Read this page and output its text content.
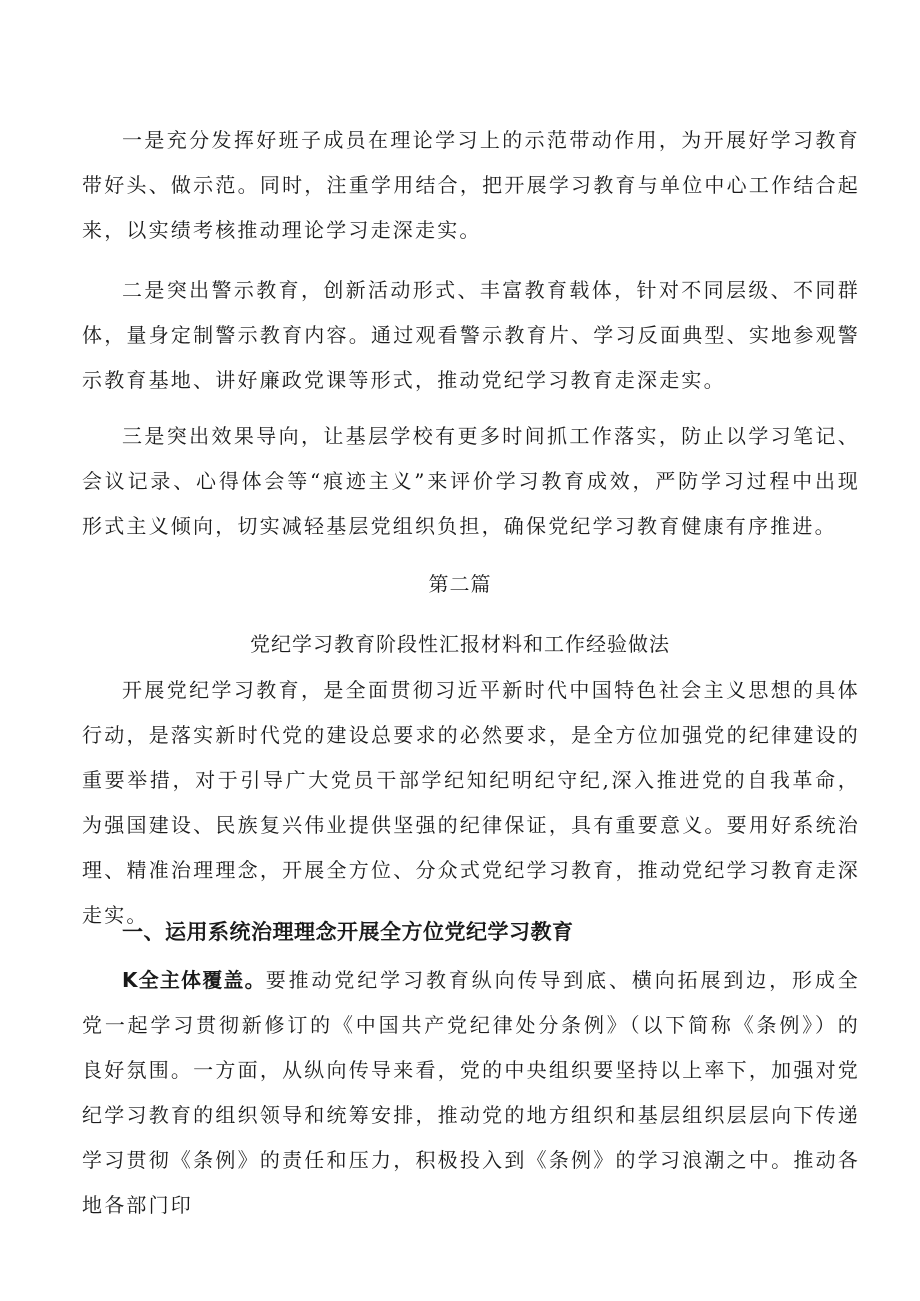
一是充分发挥好班子成员在理论学习上的示范带动作用，为开展好学习教育带好头、做示范。同时，注重学用结合，把开展学习教育与单位中心工作结合起来，以实绩考核推动理论学习走深走实。

二是突出警示教育，创新活动形式、丰富教育载体，针对不同层级、不同群体，量身定制警示教育内容。通过观看警示教育片、学习反面典型、实地参观警示教育基地、讲好廉政党课等形式，推动党纪学习教育走深走实。

三是突出效果导向，让基层学校有更多时间抓工作落实，防止以学习笔记、会议记录、心得体会等“痕迹主义”来评价学习教育成效，严防学习过程中出现形式主义倾向，切实减轻基层党组织负担，确保党纪学习教育健康有序推进。

第二篇

党纪学习教育阶段性汇报材料和工作经验做法

开展党纪学习教育，是全面贯彻习近平新时代中国特色社会主义思想的具体行动，是落实新时代党的建设总要求的必然要求，是全方位加强党的纪律建设的重要举措，对于引导广大党员干部学纪知纪明纪守纪,深入推进党的自我革命，为强国建设、民族复兴伟业提供坚强的纪律保证，具有重要意义。要用好系统治理、精准治理理念，开展全方位、分众式党纪学习教育，推动党纪学习教育走深走实。

一、运用系统治理理念开展全方位党纪学习教育

K全主体覆盖。要推动党纪学习教育纵向传导到底、横向拓展到边，形成全党一起学习贯彻新修订的《中国共产党纪律处分条例》（以下简称《条例》）的良好氛围。一方面，从纵向传导来看，党的中央组织要坚持以上率下，加强对党纪学习教育的组织领导和统筹安排，推动党的地方组织和基层组织层层向下传递学习贯彻《条例》的责任和压力，积极投入到《条例》的学习浪潮之中。推动各地各部门印
